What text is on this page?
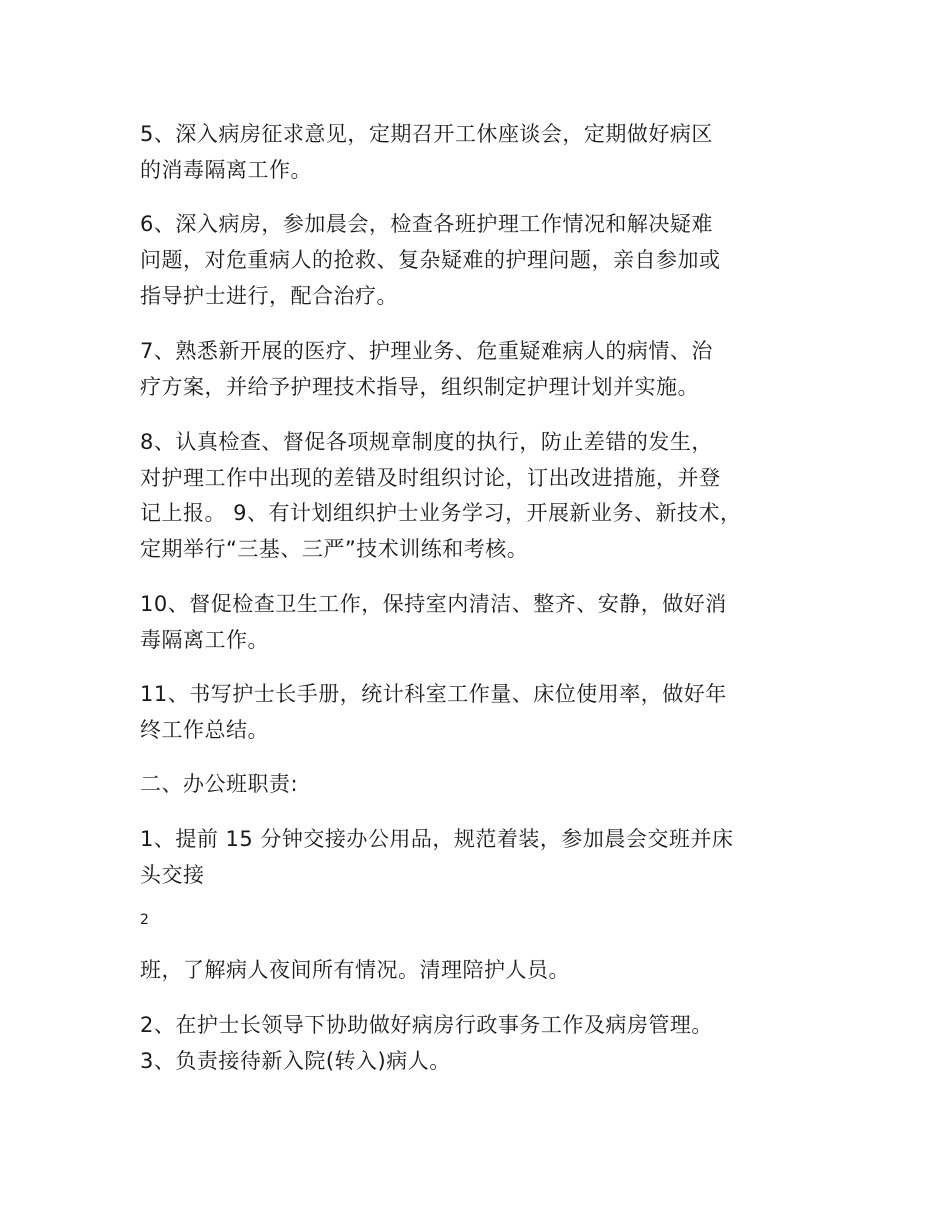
5、深入病房征求意见，定期召开工休座谈会，定期做好病区
的消毒隔离工作。
6、深入病房，参加晨会，检查各班护理工作情况和解决疑难
问题，对危重病人的抢救、复杂疑难的护理问题，亲自参加或
指导护士进行，配合治疗。
7、熟悉新开展的医疗、护理业务、危重疑难病人的病情、治
疗方案，并给予护理技术指导，组织制定护理计划并实施。
8、认真检查、督促各项规章制度的执行，防止差错的发生，
对护理工作中出现的差错及时组织讨论，订出改进措施，并登
记上报。 9、有计划组织护士业务学习，开展新业务、新技术，
定期举行“三基、三严”技术训练和考核。
10、督促检查卫生工作，保持室内清洁、整齐、安静，做好消
毒隔离工作。
11、书写护士长手册，统计科室工作量、床位使用率，做好年
终工作总结。
二、办公班职责:
1、提前 15 分钟交接办公用品，规范着装，参加晨会交班并床
头交接
2
班，了解病人夜间所有情况。清理陪护人员。
2、在护士长领导下协助做好病房行政事务工作及病房管理。
3、负责接待新入院(转入)病人。
